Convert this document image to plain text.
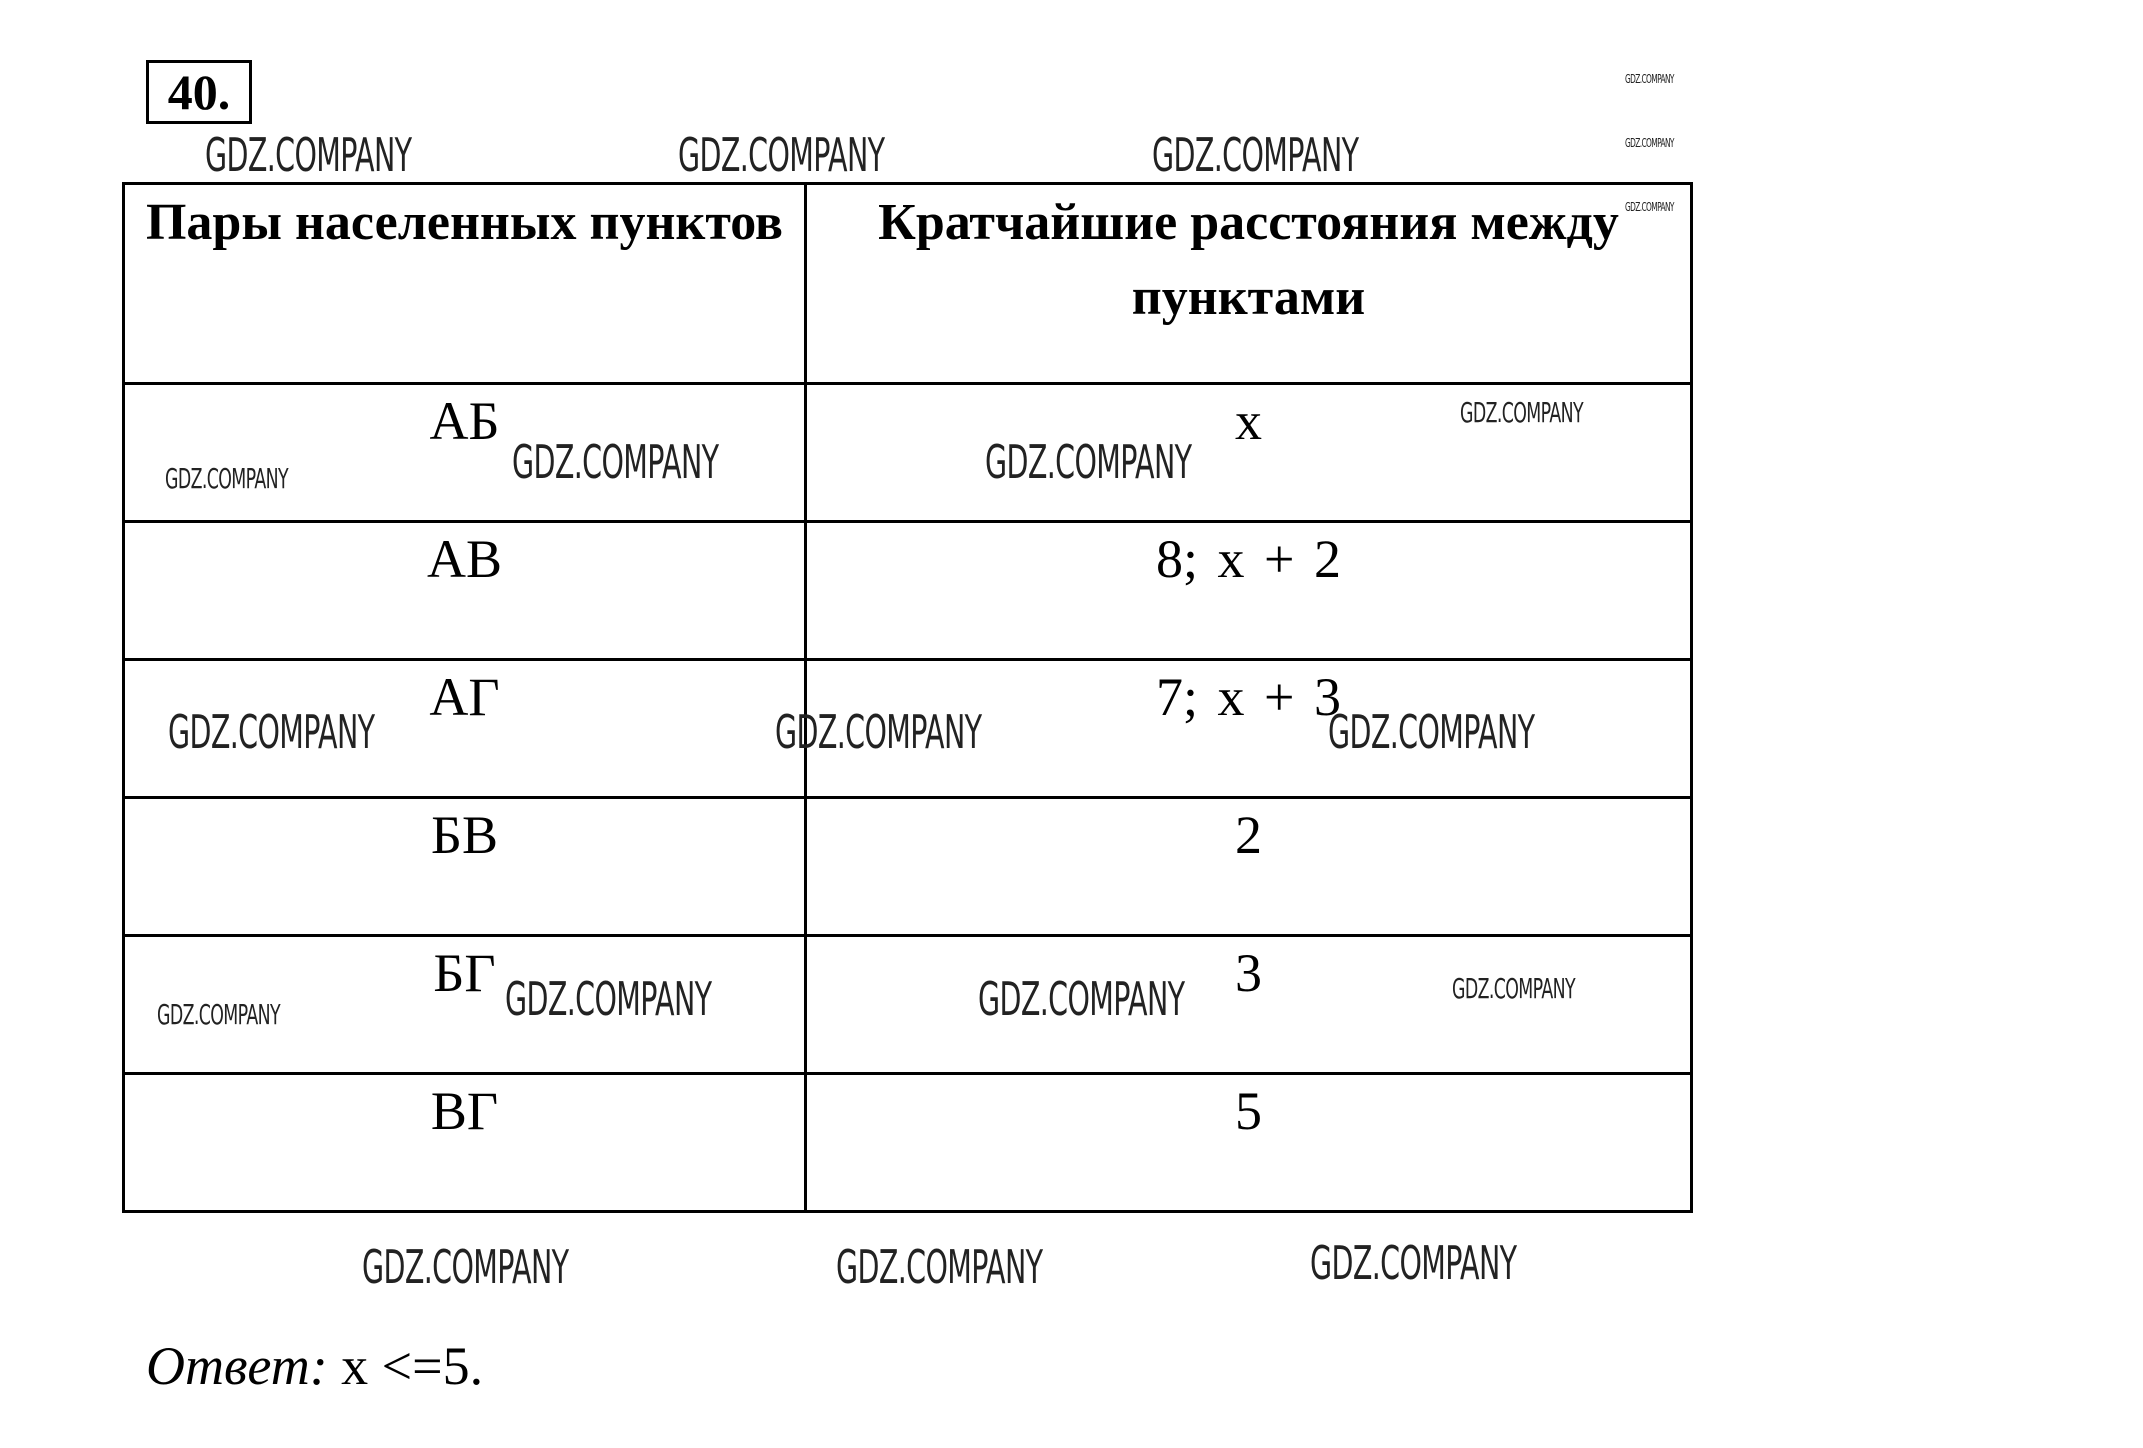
40.
Пары населенных пунктов	Кратчайшие расстояния между пунктами
АБ	x
АВ	8; x + 2
АГ	7; x + 3
БВ	2
БГ	3
ВГ	5
Ответ: x <=5.
GDZ.COMPANY	GDZ.COMPANY	GDZ.COMPANY
GDZ.COMPANY
GDZ.COMPANY
GDZ.COMPANY
GDZ.COMPANY	GDZ.COMPANY
GDZ.COMPANY
GDZ.COMPANY
GDZ.COMPANY	GDZ.COMPANY	GDZ.COMPANY
GDZ.COMPANY	GDZ.COMPANY
GDZ.COMPANY
GDZ.COMPANY
GDZ.COMPANY	GDZ.COMPANY	GDZ.COMPANY
